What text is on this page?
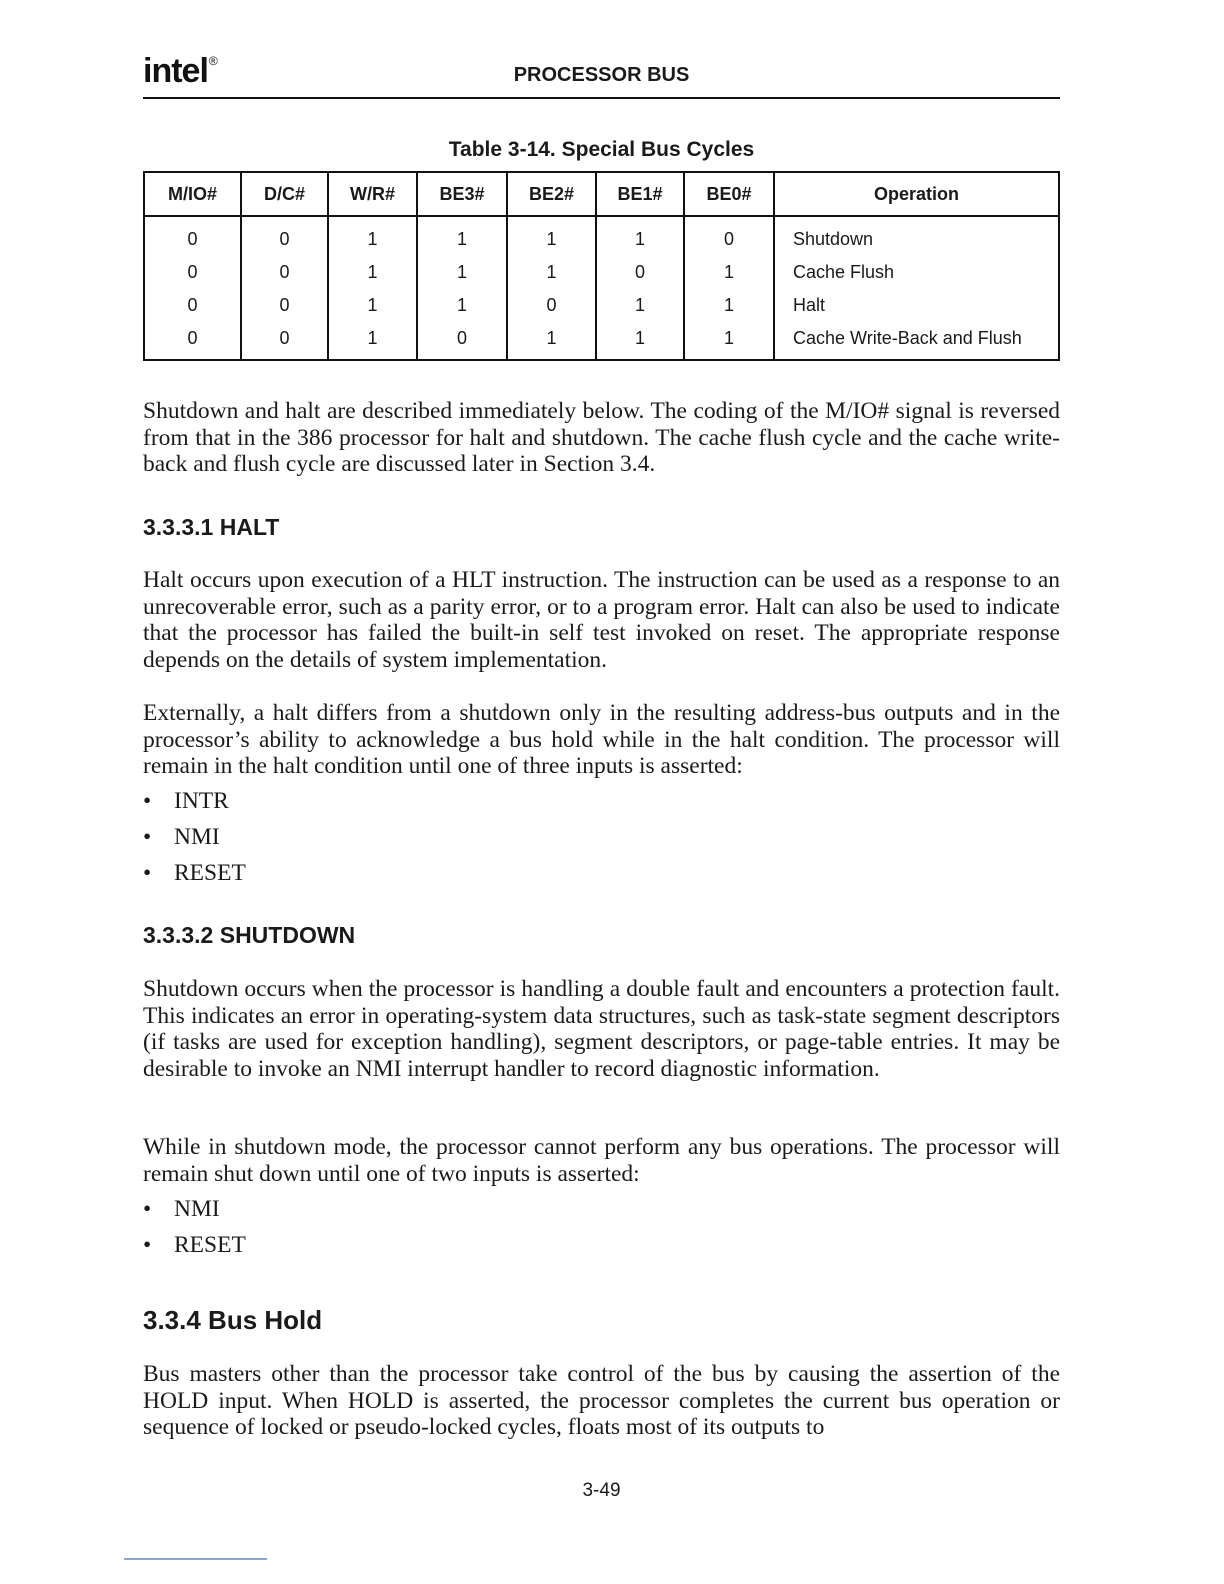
intel®
PROCESSOR BUS
Table 3-14. Special Bus Cycles
M/IO#	D/C#	W/R#	BE3#	BE2#	BE1#	BE0#	Operation
0	0	1	1	1	1	0	Shutdown
0	0	1	1	1	0	1	Cache Flush
0	0	1	1	0	1	1	Halt
0	0	1	0	1	1	1	Cache Write-Back and Flush

Shutdown and halt are described immediately below. The coding of the M/IO# signal is reversed from that in the 386 processor for halt and shutdown. The cache flush cycle and the cache write-back and flush cycle are discussed later in Section 3.4.

3.3.3.1 HALT

Halt occurs upon execution of a HLT instruction. The instruction can be used as a response to an unrecoverable error, such as a parity error, or to a program error. Halt can also be used to indicate that the processor has failed the built-in self test invoked on reset. The appropriate response depends on the details of system implementation.

Externally, a halt differs from a shutdown only in the resulting address-bus outputs and in the processor’s ability to acknowledge a bus hold while in the halt condition. The processor will remain in the halt condition until one of three inputs is asserted:

• INTR
• NMI
• RESET
3.3.3.2 SHUTDOWN

Shutdown occurs when the processor is handling a double fault and encounters a protection fault. This indicates an error in operating-system data structures, such as task-state segment descriptors (if tasks are used for exception handling), segment descriptors, or page-table entries. It may be desirable to invoke an NMI interrupt handler to record diagnostic information.

While in shutdown mode, the processor cannot perform any bus operations. The processor will remain shut down until one of two inputs is asserted:

• NMI
• RESET
3.3.4 Bus Hold

Bus masters other than the processor take control of the bus by causing the assertion of the HOLD input. When HOLD is asserted, the processor completes the current bus operation or sequence of locked or pseudo-locked cycles, floats most of its outputs to

3-49
